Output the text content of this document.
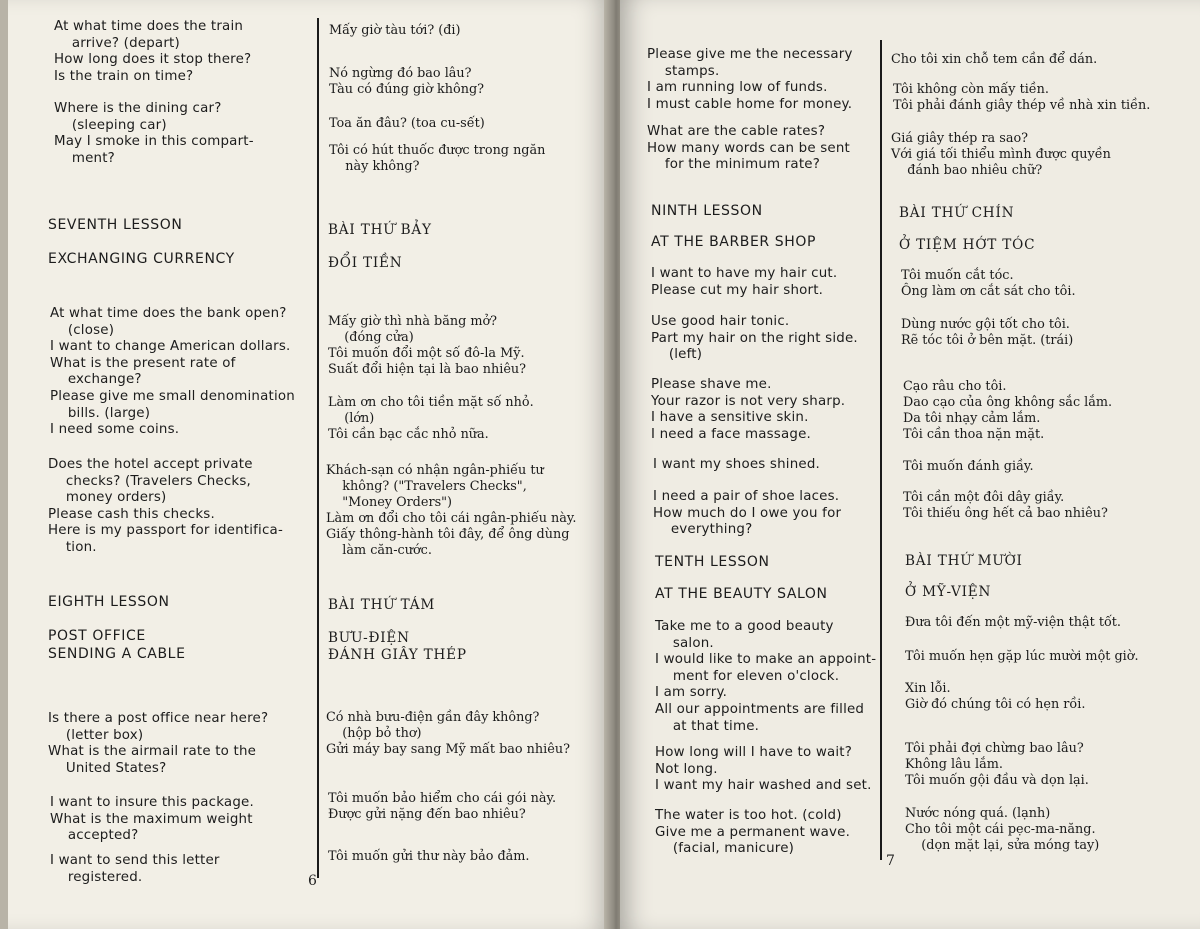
At what time does the train
arrive? (depart)
How long does it stop there?
Is the train on time?
Where is the dining car?
(sleeping car)
May I smoke in this compart-
ment?
SEVENTH LESSON
EXCHANGING CURRENCY
At what time does the bank open?
(close)
I want to change American dollars.
What is the present rate of
exchange?
Please give me small denomination
bills. (large)
I need some coins.
Does the hotel accept private
checks? (Travelers Checks,
money orders)
Please cash this checks.
Here is my passport for identifica-
tion.
EIGHTH LESSON
POST OFFICE
SENDING A CABLE
Is there a post office near here?
(letter box)
What is the airmail rate to the
United States?
I want to insure this package.
What is the maximum weight
accepted?
I want to send this letter
registered.
Mấy giờ tàu tới? (đi)
Nó ngừng đó bao lâu?
Tàu có đúng giờ không?
Toa ăn đâu? (toa cu-sết)
Tôi có hút thuốc được trong ngăn
này không?
BÀI THỨ BẢY
ĐỔI TIỀN
Mấy giờ thì nhà băng mở?
(đóng cửa)
Tôi muốn đổi một số đô-la Mỹ.
Suất đổi hiện tại là bao nhiêu?
Làm ơn cho tôi tiền mặt số nhỏ.
(lớn)
Tôi cần bạc cắc nhỏ nữa.
Khách-sạn có nhận ngân-phiếu tư
không? ("Travelers Checks",
"Money Orders")
Làm ơn đổi cho tôi cái ngân-phiếu này.
Giấy thông-hành tôi đây, để ông dùng
làm căn-cước.
BÀI THỨ TÁM
BƯU-ĐIỆN
ĐÁNH GIÂY THÉP
Có nhà bưu-điện gần đây không?
(hộp bỏ thơ)
Gửi máy bay sang Mỹ mất bao nhiêu?
Tôi muốn bảo hiểm cho cái gói này.
Được gửi nặng đến bao nhiêu?
Tôi muốn gửi thư này bảo đảm.
6
Please give me the necessary
stamps.
I am running low of funds.
I must cable home for money.
What are the cable rates?
How many words can be sent
for the minimum rate?
NINTH LESSON
AT THE BARBER SHOP
I want to have my hair cut.
Please cut my hair short.
Use good hair tonic.
Part my hair on the right side.
(left)
Please shave me.
Your razor is not very sharp.
I have a sensitive skin.
I need a face massage.
I want my shoes shined.
I need a pair of shoe laces.
How much do I owe you for
everything?
TENTH LESSON
AT THE BEAUTY SALON
Take me to a good beauty
salon.
I would like to make an appoint-
ment for eleven o'clock.
I am sorry.
All our appointments are filled
at that time.
How long will I have to wait?
Not long.
I want my hair washed and set.
The water is too hot. (cold)
Give me a permanent wave.
(facial, manicure)
Cho tôi xin chỗ tem cần để dán.
Tôi không còn mấy tiền.
Tôi phải đánh giây thép về nhà xin tiền.
Giá giây thép ra sao?
Với giá tối thiểu mình được quyền
đánh bao nhiêu chữ?
BÀI THỨ CHÍN
Ở TIỆM HỚT TÓC
Tôi muốn cắt tóc.
Ông làm ơn cắt sát cho tôi.
Dùng nước gội tốt cho tôi.
Rẽ tóc tôi ở bên mặt. (trái)
Cạo râu cho tôi.
Dao cạo của ông không sắc lắm.
Da tôi nhạy cảm lắm.
Tôi cần thoa nặn mặt.
Tôi muốn đánh giầy.
Tôi cần một đôi dây giầy.
Tôi thiếu ông hết cả bao nhiêu?
BÀI THỨ MƯỜI
Ở MỸ-VIỆN
Đưa tôi đến một mỹ-viện thật tốt.
Tôi muốn hẹn gặp lúc mười một giờ.
Xin lỗi.
Giờ đó chúng tôi có hẹn rồi.
Tôi phải đợi chừng bao lâu?
Không lâu lắm.
Tôi muốn gội đầu và dọn lại.
Nước nóng quá. (lạnh)
Cho tôi một cái pẹc-ma-năng.
(dọn mặt lại, sửa móng tay)
7
